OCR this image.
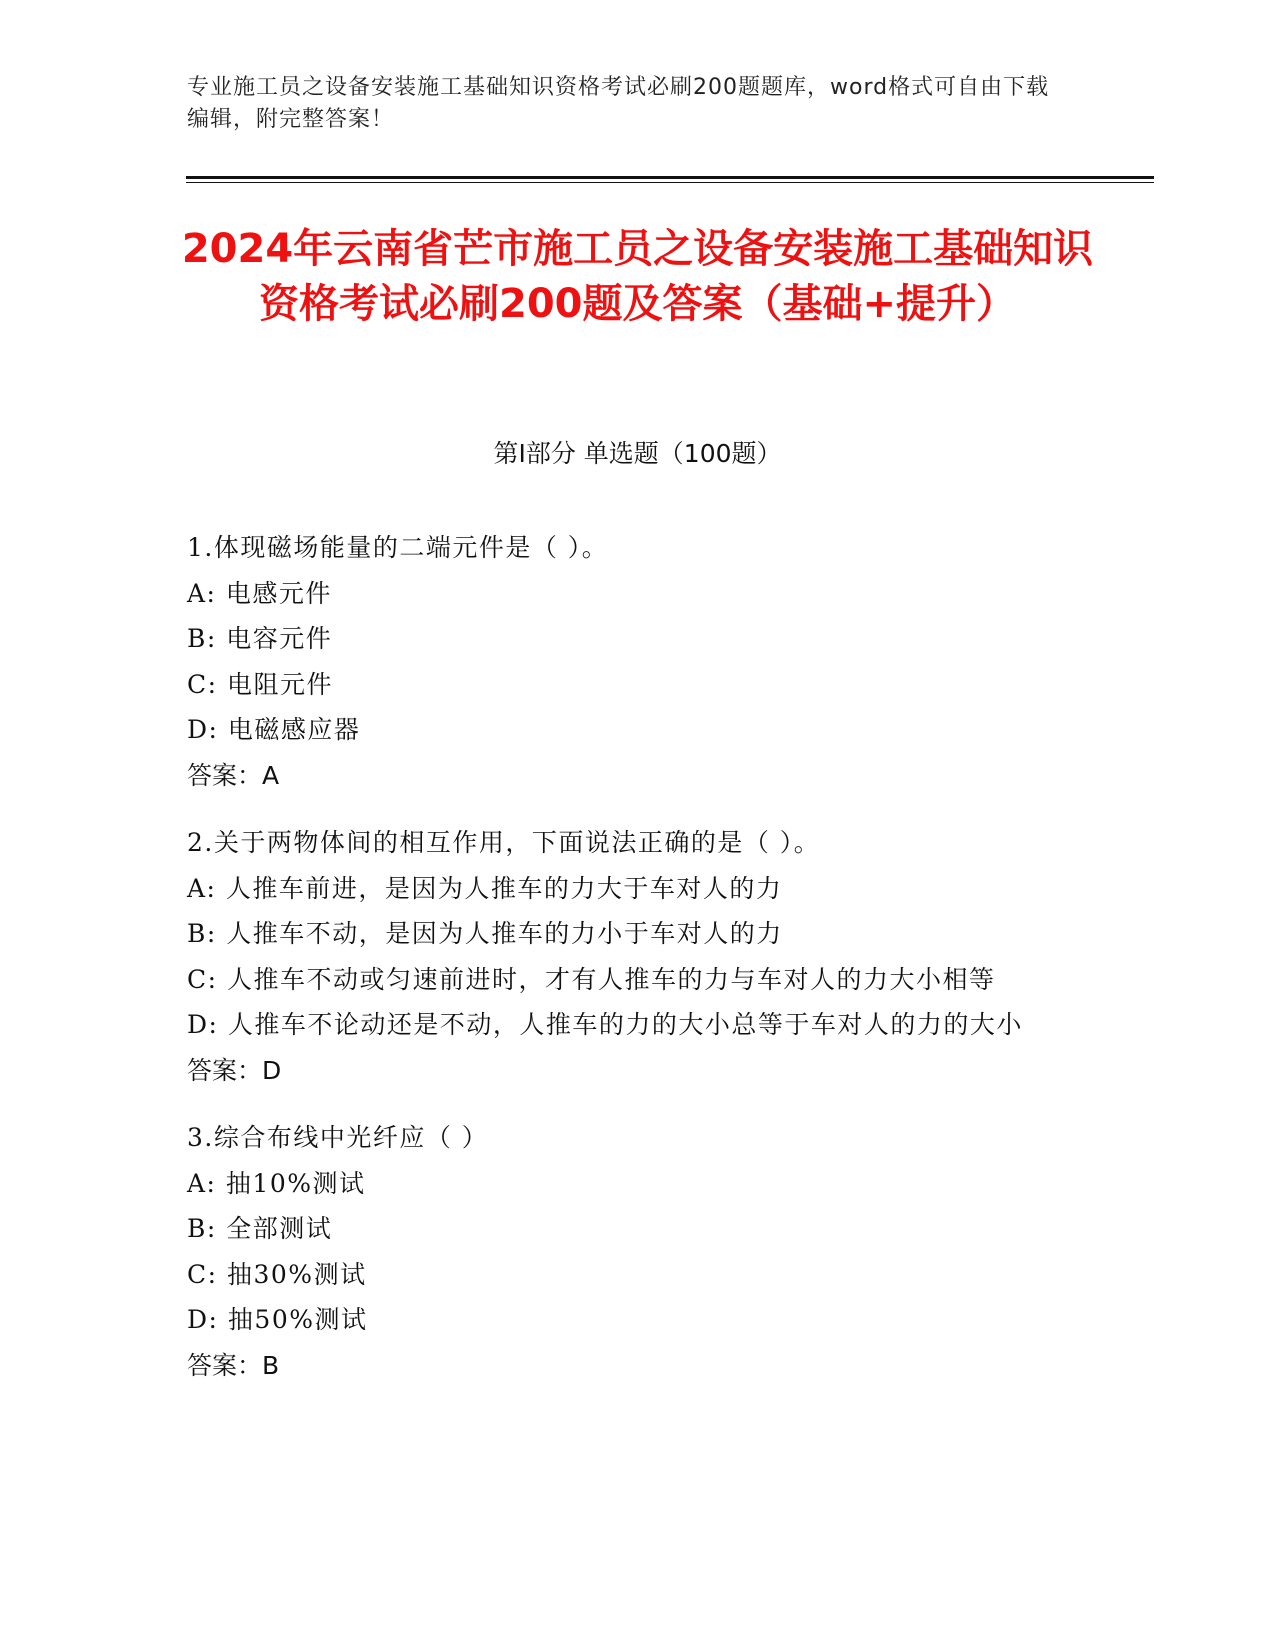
专业施工员之设备安装施工基础知识资格考试必刷200题题库，word格式可自由下载编辑，附完整答案！
2024年云南省芒市施工员之设备安装施工基础知识资格考试必刷200题及答案（基础+提升）
第Ⅰ部分 单选题（100题）
1.体现磁场能量的二端元件是（ ）。
A: 电感元件
B: 电容元件
C: 电阻元件
D: 电磁感应器
答案：A
2.关于两物体间的相互作用，下面说法正确的是（ ）。
A: 人推车前进，是因为人推车的力大于车对人的力
B: 人推车不动，是因为人推车的力小于车对人的力
C: 人推车不动或匀速前进时，才有人推车的力与车对人的力大小相等
D: 人推车不论动还是不动，人推车的力的大小总等于车对人的力的大小
答案：D
3.综合布线中光纤应（ ）
A: 抽10%测试
B: 全部测试
C: 抽30%测试
D: 抽50%测试
答案：B
